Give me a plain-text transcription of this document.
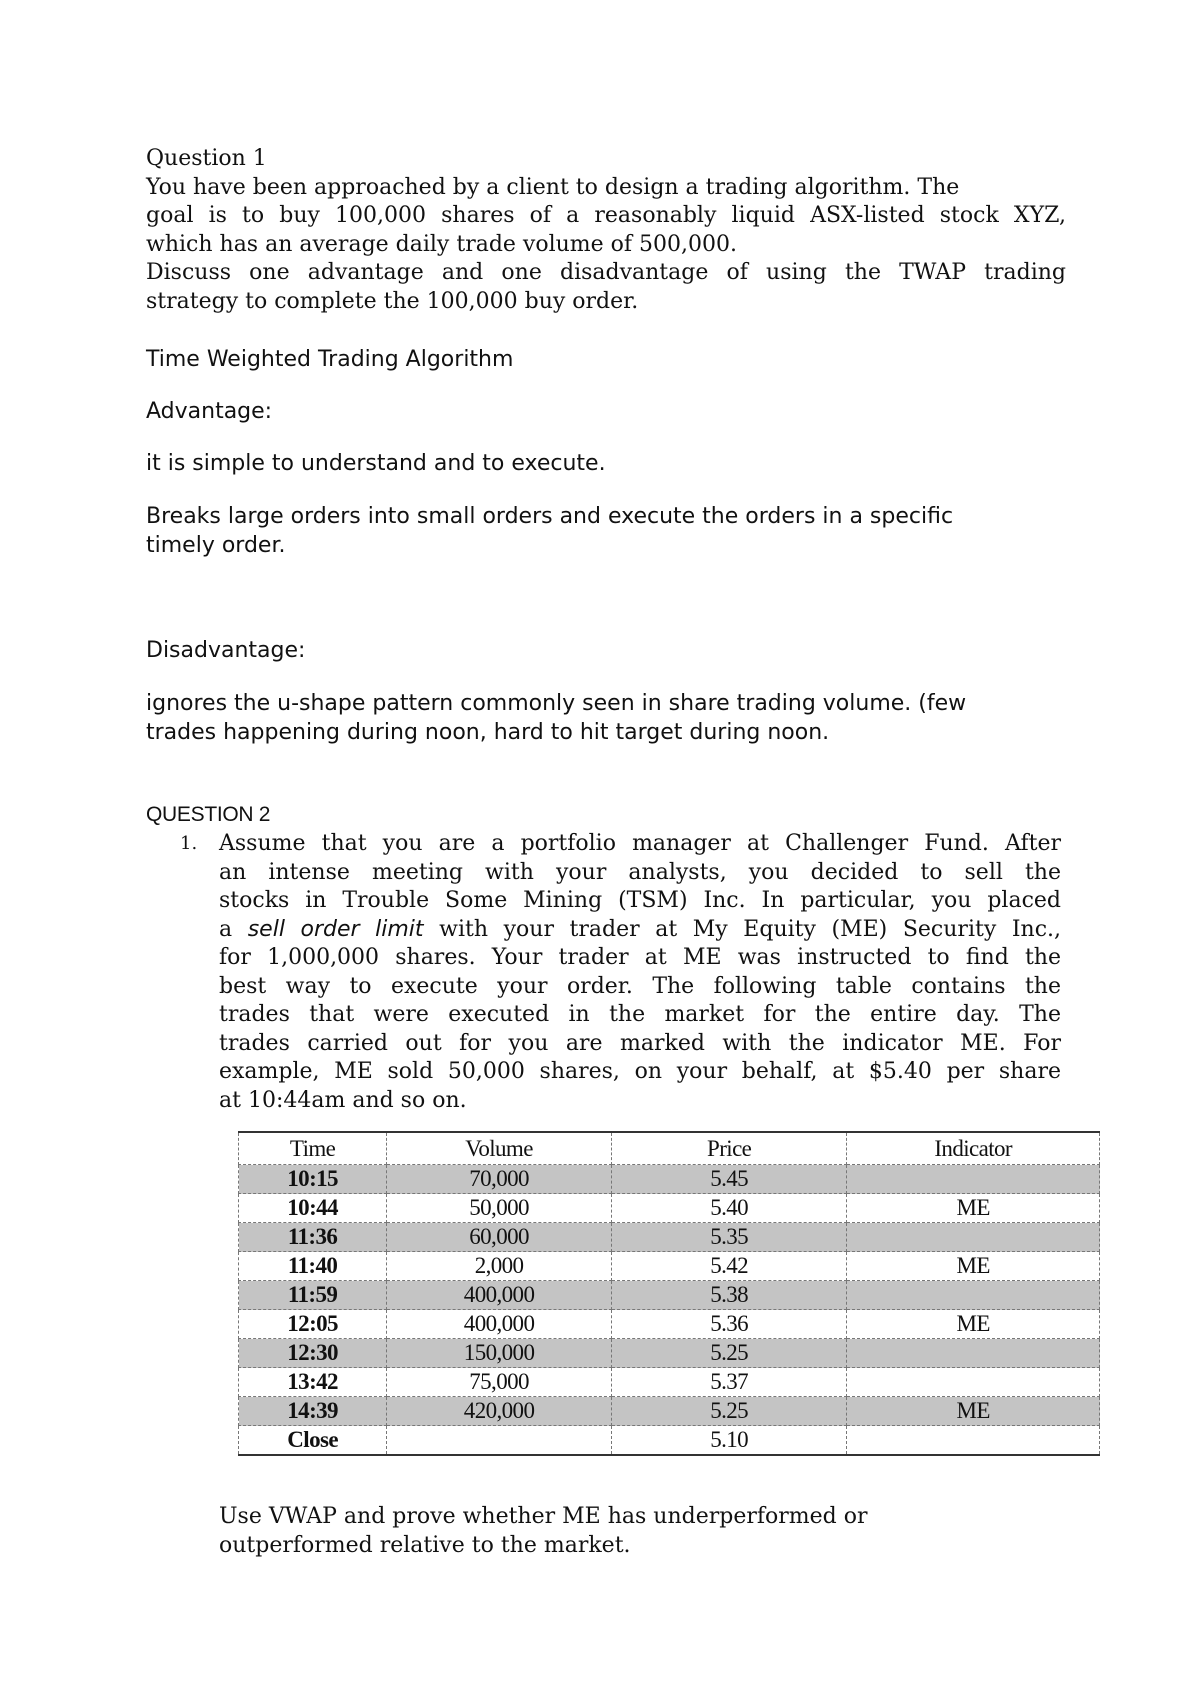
Question 1
You have been approached by a client to design a trading algorithm. The
goal is to buy 100,000 shares of a reasonably liquid ASX-listed stock XYZ,
which has an average daily trade volume of 500,000.
Discuss one advantage and one disadvantage of using the TWAP trading
strategy to complete the 100,000 buy order.
Time Weighted Trading Algorithm
Advantage:
it is simple to understand and to execute.
Breaks large orders into small orders and execute the orders in a specific
timely order.
Disadvantage:
ignores the u-shape pattern commonly seen in share trading volume. (few
trades happening during noon, hard to hit target during noon.
QUESTION 2
1. Assume that you are a portfolio manager at Challenger Fund. After
an intense meeting with your analysts, you decided to sell the
stocks in Trouble Some Mining (TSM) Inc. In particular, you placed
a sell order limit with your trader at My Equity (ME) Security Inc.,
for 1,000,000 shares. Your trader at ME was instructed to find the
best way to execute your order. The following table contains the
trades that were executed in the market for the entire day. The
trades carried out for you are marked with the indicator ME. For
example, ME sold 50,000 shares, on your behalf, at $5.40 per share
at 10:44am and so on.
Time	Volume	Price	Indicator
10:15	70,000	5.45	
10:44	50,000	5.40	ME
11:36	60,000	5.35	
11:40	2,000	5.42	ME
11:59	400,000	5.38	
12:05	400,000	5.36	ME
12:30	150,000	5.25	
13:42	75,000	5.37	
14:39	420,000	5.25	ME
Close		5.10	
Use VWAP and prove whether ME has underperformed or
outperformed relative to the market.
